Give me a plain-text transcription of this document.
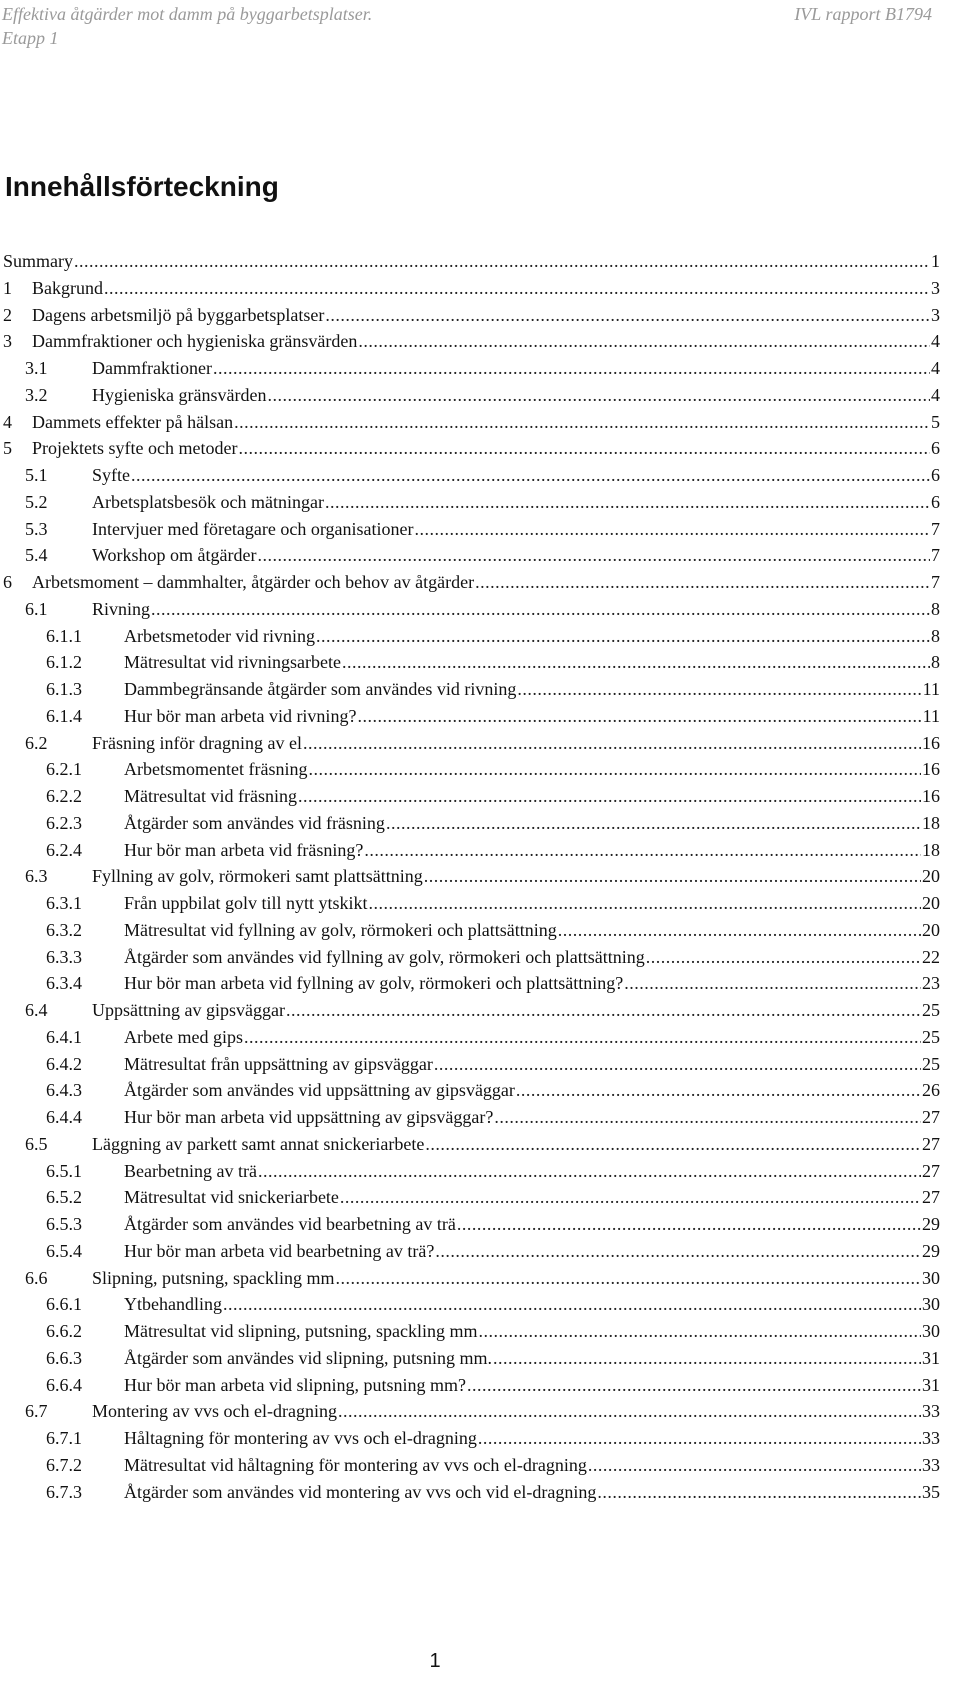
Effektiva åtgärder mot damm på byggarbetsplatser.
Etapp 1
IVL rapport B1794
Innehållsförteckning
Summary .....	1
1 Bakgrund .....	3
2 Dagens arbetsmiljö på byggarbetsplatser .....	3
3 Dammfraktioner och hygieniska gränsvärden .....	4
3.1 Dammfraktioner .....	4
3.2 Hygieniska gränsvärden .....	4
4 Dammets effekter på hälsan .....	5
5 Projektets syfte och metoder .....	6
5.1 Syfte .....	6
5.2 Arbetsplatsbesök och mätningar .....	6
5.3 Intervjuer med företagare och organisationer .....	7
5.4 Workshop om åtgärder .....	7
6 Arbetsmoment – dammhalter, åtgärder och behov av åtgärder .....	7
6.1 Rivning .....	8
6.1.1 Arbetsmetoder vid rivning .....	8
6.1.2 Mätresultat vid rivningsarbete .....	8
6.1.3 Dammbegränsande åtgärder som användes vid rivning .....	11
6.1.4 Hur bör man arbeta vid rivning? .....	11
6.2 Fräsning inför dragning av el .....	16
6.2.1 Arbetsmomentet fräsning .....	16
6.2.2 Mätresultat vid fräsning .....	16
6.2.3 Åtgärder som användes vid fräsning .....	18
6.2.4 Hur bör man arbeta vid fräsning? .....	18
6.3 Fyllning av golv, rörmokeri samt plattsättning .....	20
6.3.1 Från uppbilat golv till nytt ytskikt .....	20
6.3.2 Mätresultat vid fyllning av golv, rörmokeri och plattsättning .....	20
6.3.3 Åtgärder som användes vid fyllning av golv, rörmokeri och plattsättning .....	22
6.3.4 Hur bör man arbeta vid fyllning av golv, rörmokeri och plattsättning? .....	23
6.4 Uppsättning av gipsväggar .....	25
6.4.1 Arbete med gips .....	25
6.4.2 Mätresultat från uppsättning av gipsväggar .....	25
6.4.3 Åtgärder som användes vid uppsättning av gipsväggar .....	26
6.4.4 Hur bör man arbeta vid uppsättning av gipsväggar? .....	27
6.5 Läggning av parkett samt annat snickeriarbete .....	27
6.5.1 Bearbetning av trä .....	27
6.5.2 Mätresultat vid snickeriarbete .....	27
6.5.3 Åtgärder som användes vid bearbetning av trä .....	29
6.5.4 Hur bör man arbeta vid bearbetning av trä? .....	29
6.6 Slipning, putsning, spackling mm .....	30
6.6.1 Ytbehandling .....	30
6.6.2 Mätresultat vid slipning, putsning, spackling mm .....	30
6.6.3 Åtgärder som användes vid slipning, putsning mm. .....	31
6.6.4 Hur bör man arbeta vid slipning, putsning mm? .....	31
6.7 Montering av vvs och el-dragning .....	33
6.7.1 Håltagning för montering av vvs och el-dragning .....	33
6.7.2 Mätresultat vid håltagning för montering av vvs och el-dragning .....	33
6.7.3 Åtgärder som användes vid montering av vvs och vid el-dragning .....	35
1
